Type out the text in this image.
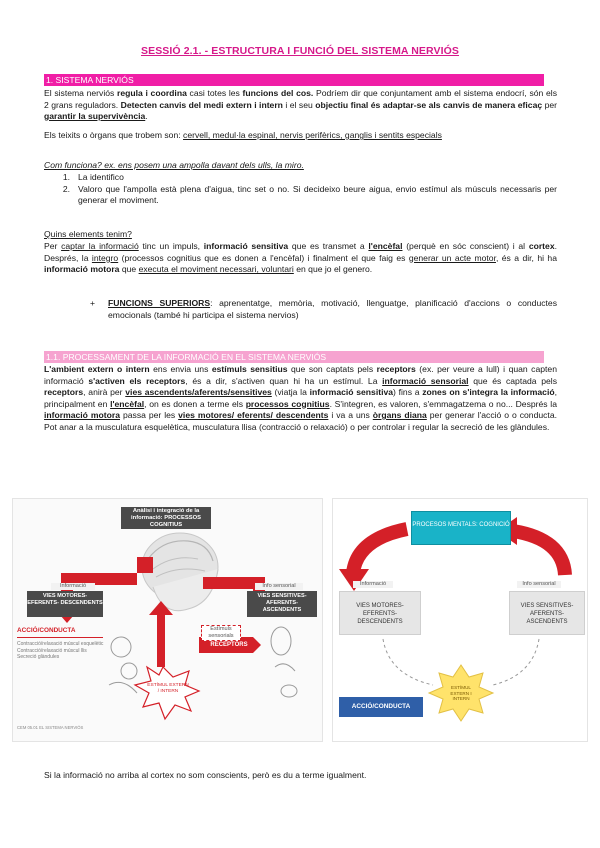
SESSIÓ 2.1. - ESTRUCTURA I FUNCIÓ DEL SISTEMA NERVIÓS
1. SISTEMA NERVIÓS
El sistema nerviós regula i coordina casi totes les funcions del cos. Podríem dir que conjuntament amb el sistema endocrí, són els 2 grans reguladors. Detecten canvis del medi extern i intern i el seu objectiu final és adaptar-se als canvis de manera eficaç per garantir la supervivència.
Els teixits o òrgans que trobem son: cervell, medul·la espinal, nervis perifèrics, ganglis i sentits especials
Com funciona? ex. ens posem una ampolla davant dels ulls, la miro.
1. La identifico
2. Valoro que l'ampolla està plena d'aigua, tinc set o no. Si decideixo beure aigua, envio estímul als músculs necessaris per generar el moviment.
Quins elements tenim?
Per captar la informació tinc un impuls, informació sensitiva que es transmet a l'encèfal (perquè en sóc conscient) i al cortex. Després, la integro (processos cognitius que es donen a l'encèfal) i finalment el que faig es generar un acte motor, és a dir, hi ha informació motora que executa el moviment necessari, voluntari en que jo el genero.
+	FUNCIONS SUPERIORS: aprenentatge, memòria, motivació, llenguatge, planificació d'accions o conductes emocionals (també hi participa el sistema nervios)
1.1. PROCESSAMENT DE LA INFORMACIÓ EN EL SISTEMA NERVIÓS
L'ambient extern o intern ens envia uns estímuls sensitius que son captats pels receptors (ex. per veure a lull) i quan capten informació s'activen els receptors, és a dir, s'activen quan hi ha un estímul. La informació sensorial que és captada pels receptors, anirà per vies ascendents/aferents/sensitives (viatja la informació sensitiva) fins a zones on s'integra la informació, principalment en l'encèfal, on es donen a terme els processos cognitius. S'integren, es valoren, s'emmagatzema o no... Després la informació motora passa per les vies motores/ eferents/ descendents i va a uns òrgans diana per generar l'acció o o conducta. Pot anar a la musculatura esquelètica, musculatura llisa (contracció o relaxació) o per controlar i regular la secreció de les glàndules.
Anàlisi i integració de la informació: PROCESSOS COGNITIUS
Informació
VIES MOTORES- EFERENTS- DESCENDENTS
Info sensorial
VIES SENSITIVES- AFERENTS- ASCENDENTS
ACCIÓ/CONDUCTA
Contracció/relaxació múscul esquelètic
Contracció/relaxació múscul llis
Secreció glàndules
Estímuls sensorials
RECEPTORS
ESTÍMUL EXTERN / INTERN
CEM 05.01 EL SISTEMA NERVIÓS
PROCESOS MENTALS: COGNICIÓ
Informació
VIES MOTORES- EFERENTS- DESCENDENTS
Info sensorial
VIES SENSITIVES- AFERENTS- ASCENDENTS
ACCIÓ/CONDUCTA
ESTÍMUL EXTERN I INTERN
Si la informació no arriba al cortex no som conscients, però es du a terme igualment.
